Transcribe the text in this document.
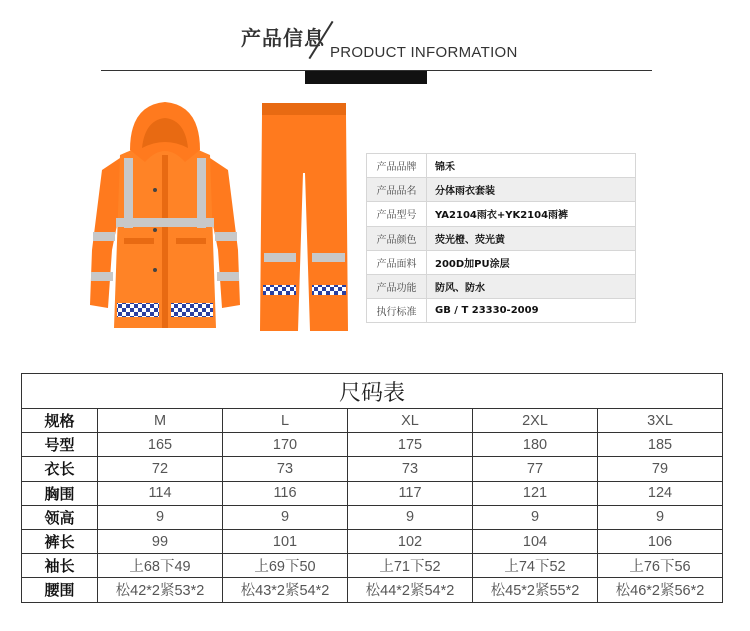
产品信息
PRODUCT INFORMATION
产品品牌	锦禾
产品品名	分体雨衣套装
产品型号	YA2104雨衣+YK2104雨裤
产品颜色	荧光橙、荧光黄
产品面料	200D加PU涂层
产品功能	防风、防水
执行标准	GB / T 23330-2009
尺码表					
规格	M	L	XL	2XL	3XL
号型	165	170	175	180	185
衣长	72	73	73	77	79
胸围	114	116	117	121	124
领高	9	9	9	9	9
裤长	99	101	102	104	106
袖长	上68下49	上69下50	上71下52	上74下52	上76下56
腰围	松42*2紧53*2	松43*2紧54*2	松44*2紧54*2	松45*2紧55*2	松46*2紧56*2
